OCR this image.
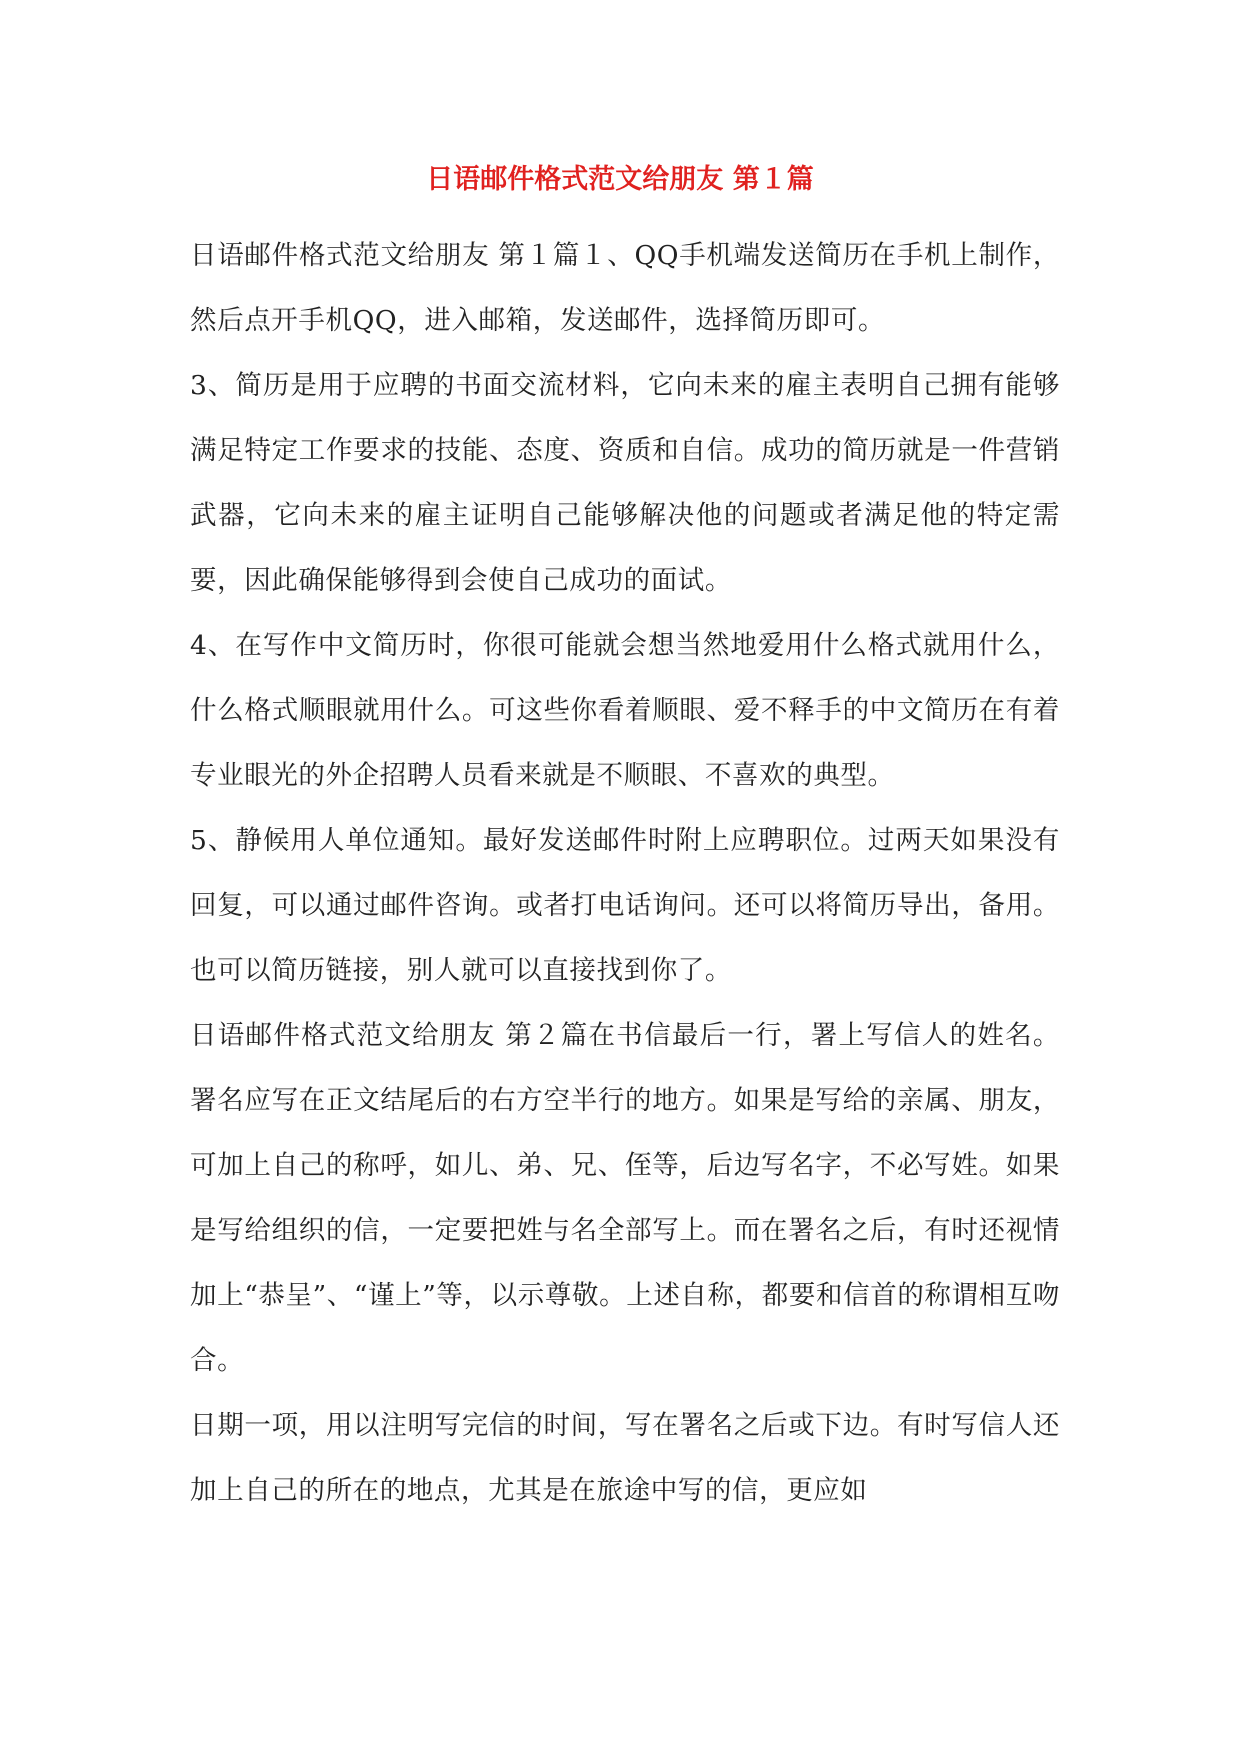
日语邮件格式范文给朋友 第１篇

日语邮件格式范文给朋友 第１篇１、QQ手机端发送简历在手机上制作，然后点开手机QQ，进入邮箱，发送邮件，选择简历即可。

3、简历是用于应聘的书面交流材料，它向未来的雇主表明自己拥有能够满足特定工作要求的技能、态度、资质和自信。成功的简历就是一件营销武器，它向未来的雇主证明自己能够解决他的问题或者满足他的特定需要，因此确保能够得到会使自己成功的面试。

4、在写作中文简历时，你很可能就会想当然地爱用什么格式就用什么，什么格式顺眼就用什么。可这些你看着顺眼、爱不释手的中文简历在有着专业眼光的外企招聘人员看来就是不顺眼、不喜欢的典型。

5、静候用人单位通知。最好发送邮件时附上应聘职位。过两天如果没有回复，可以通过邮件咨询。或者打电话询问。还可以将简历导出，备用。也可以简历链接，别人就可以直接找到你了。

日语邮件格式范文给朋友 第２篇在书信最后一行，署上写信人的姓名。署名应写在正文结尾后的右方空半行的地方。如果是写给的亲属、朋友，可加上自己的称呼，如儿、弟、兄、侄等，后边写名字，不必写姓。如果是写给组织的信，一定要把姓与名全部写上。而在署名之后，有时还视情加上“恭呈”、“谨上”等，以示尊敬。上述自称，都要和信首的称谓相互吻合。

日期一项，用以注明写完信的时间，写在署名之后或下边。有时写信人还加上自己的所在的地点，尤其是在旅途中写的信，更应如
